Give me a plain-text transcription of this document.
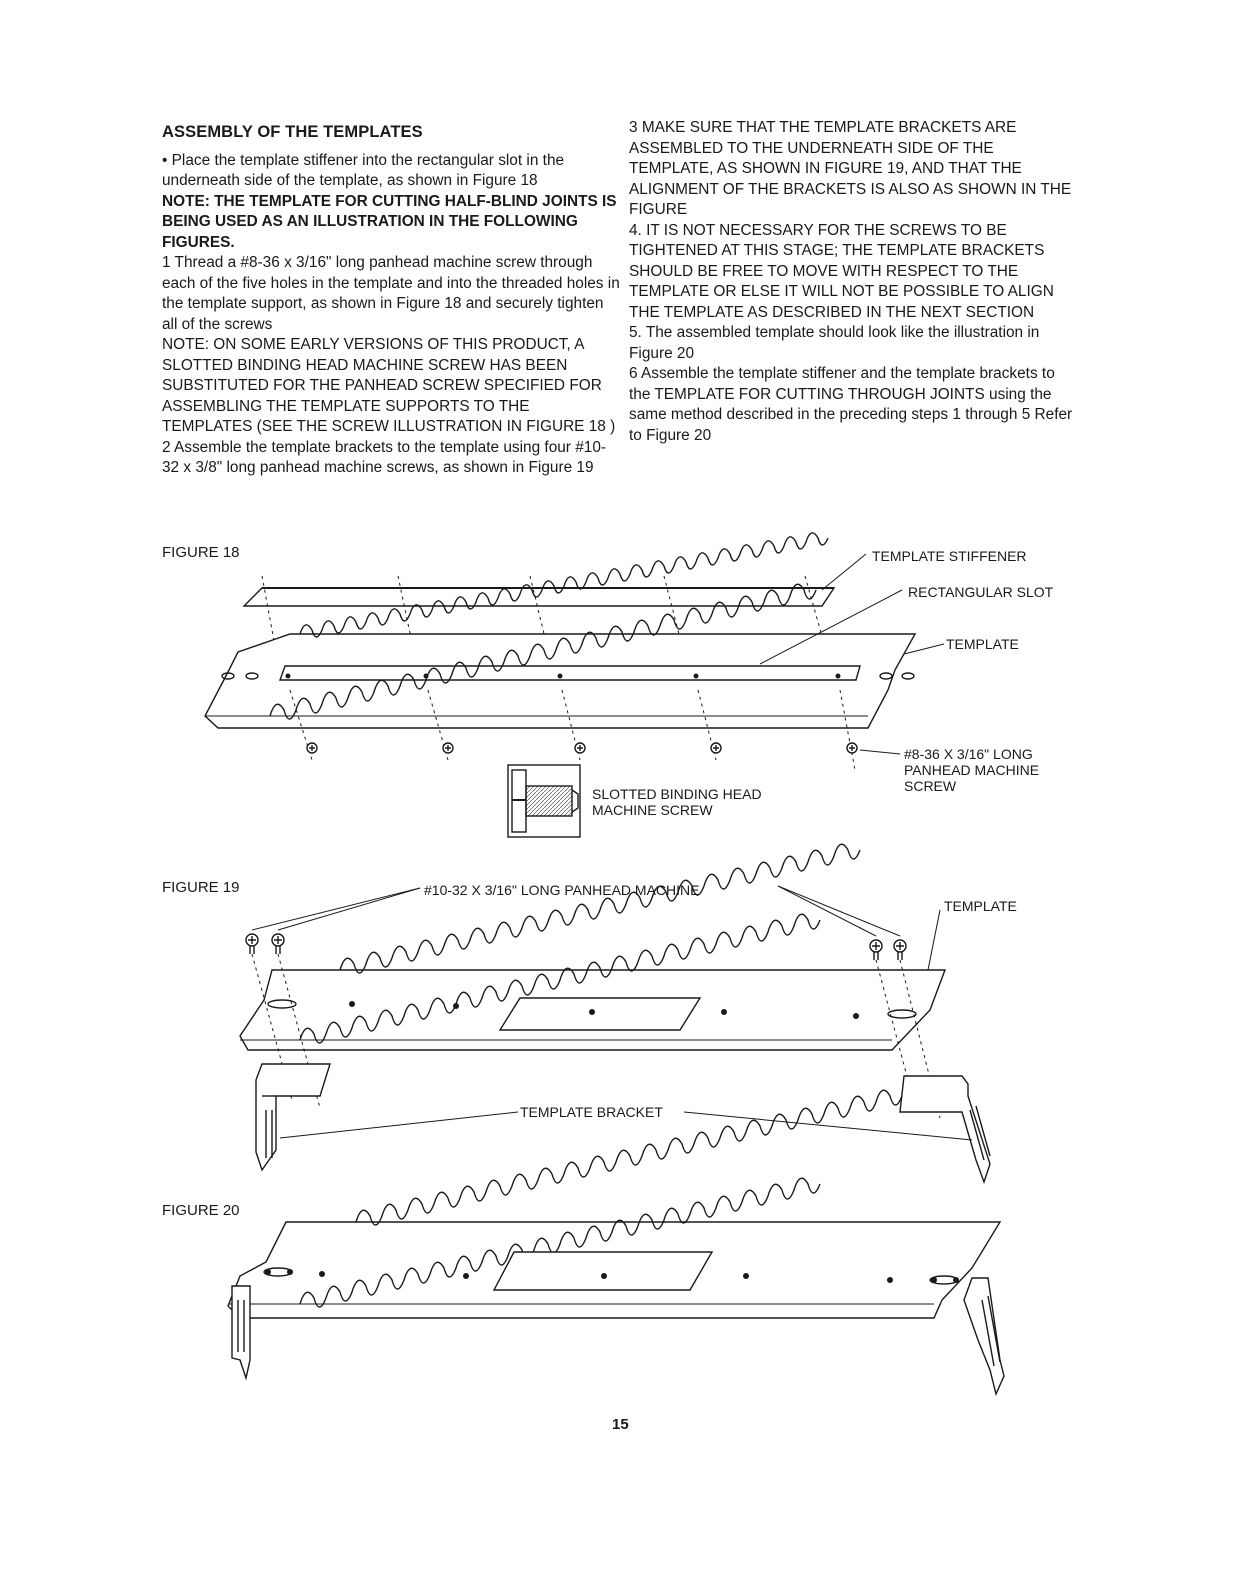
ASSEMBLY OF THE TEMPLATES

• Place the template stiffener into the rectangular slot in the underneath side of the template, as shown in Figure 18

NOTE: THE TEMPLATE FOR CUTTING HALF-BLIND JOINTS IS BEING USED AS AN ILLUSTRATION IN THE FOLLOWING FIGURES.

1 Thread a #8-36 x 3/16" long panhead machine screw through each of the five holes in the template and into the threaded holes in the template support, as shown in Figure 18 and securely tighten all of the screws

NOTE: ON SOME EARLY VERSIONS OF THIS PRODUCT, A SLOTTED BINDING HEAD MACHINE SCREW HAS BEEN SUBSTITUTED FOR THE PANHEAD SCREW SPECIFIED FOR ASSEMBLING THE TEMPLATE SUPPORTS TO THE TEMPLATES (SEE THE SCREW ILLUSTRATION IN FIGURE 18 )

2 Assemble the template brackets to the template using four #10-32 x 3/8" long panhead machine screws, as shown in Figure 19

3 MAKE SURE THAT THE TEMPLATE BRACKETS ARE ASSEMBLED TO THE UNDERNEATH SIDE OF THE TEMPLATE, AS SHOWN IN FIGURE 19, AND THAT THE ALIGNMENT OF THE BRACKETS IS ALSO AS SHOWN IN THE FIGURE

4. IT IS NOT NECESSARY FOR THE SCREWS TO BE TIGHTENED AT THIS STAGE; THE TEMPLATE BRACKETS SHOULD BE FREE TO MOVE WITH RESPECT TO THE TEMPLATE OR ELSE IT WILL NOT BE POSSIBLE TO ALIGN THE TEMPLATE AS DESCRIBED IN THE NEXT SECTION

5. The assembled template should look like the illustration in Figure 20

6 Assemble the template stiffener and the template brackets to the TEMPLATE FOR CUTTING THROUGH JOINTS using the same method described in the preceding steps 1 through 5 Refer to Figure 20

FIGURE 18	TEMPLATE STIFFENER
RECTANGULAR SLOT
TEMPLATE
#8-36 X 3/16" LONG PANHEAD MACHINE SCREW
SLOTTED BINDING HEAD MACHINE SCREW
FIGURE 19	#10-32 X 3/16" LONG PANHEAD MACHINE
TEMPLATE
TEMPLATE BRACKET
FIGURE 20
15
